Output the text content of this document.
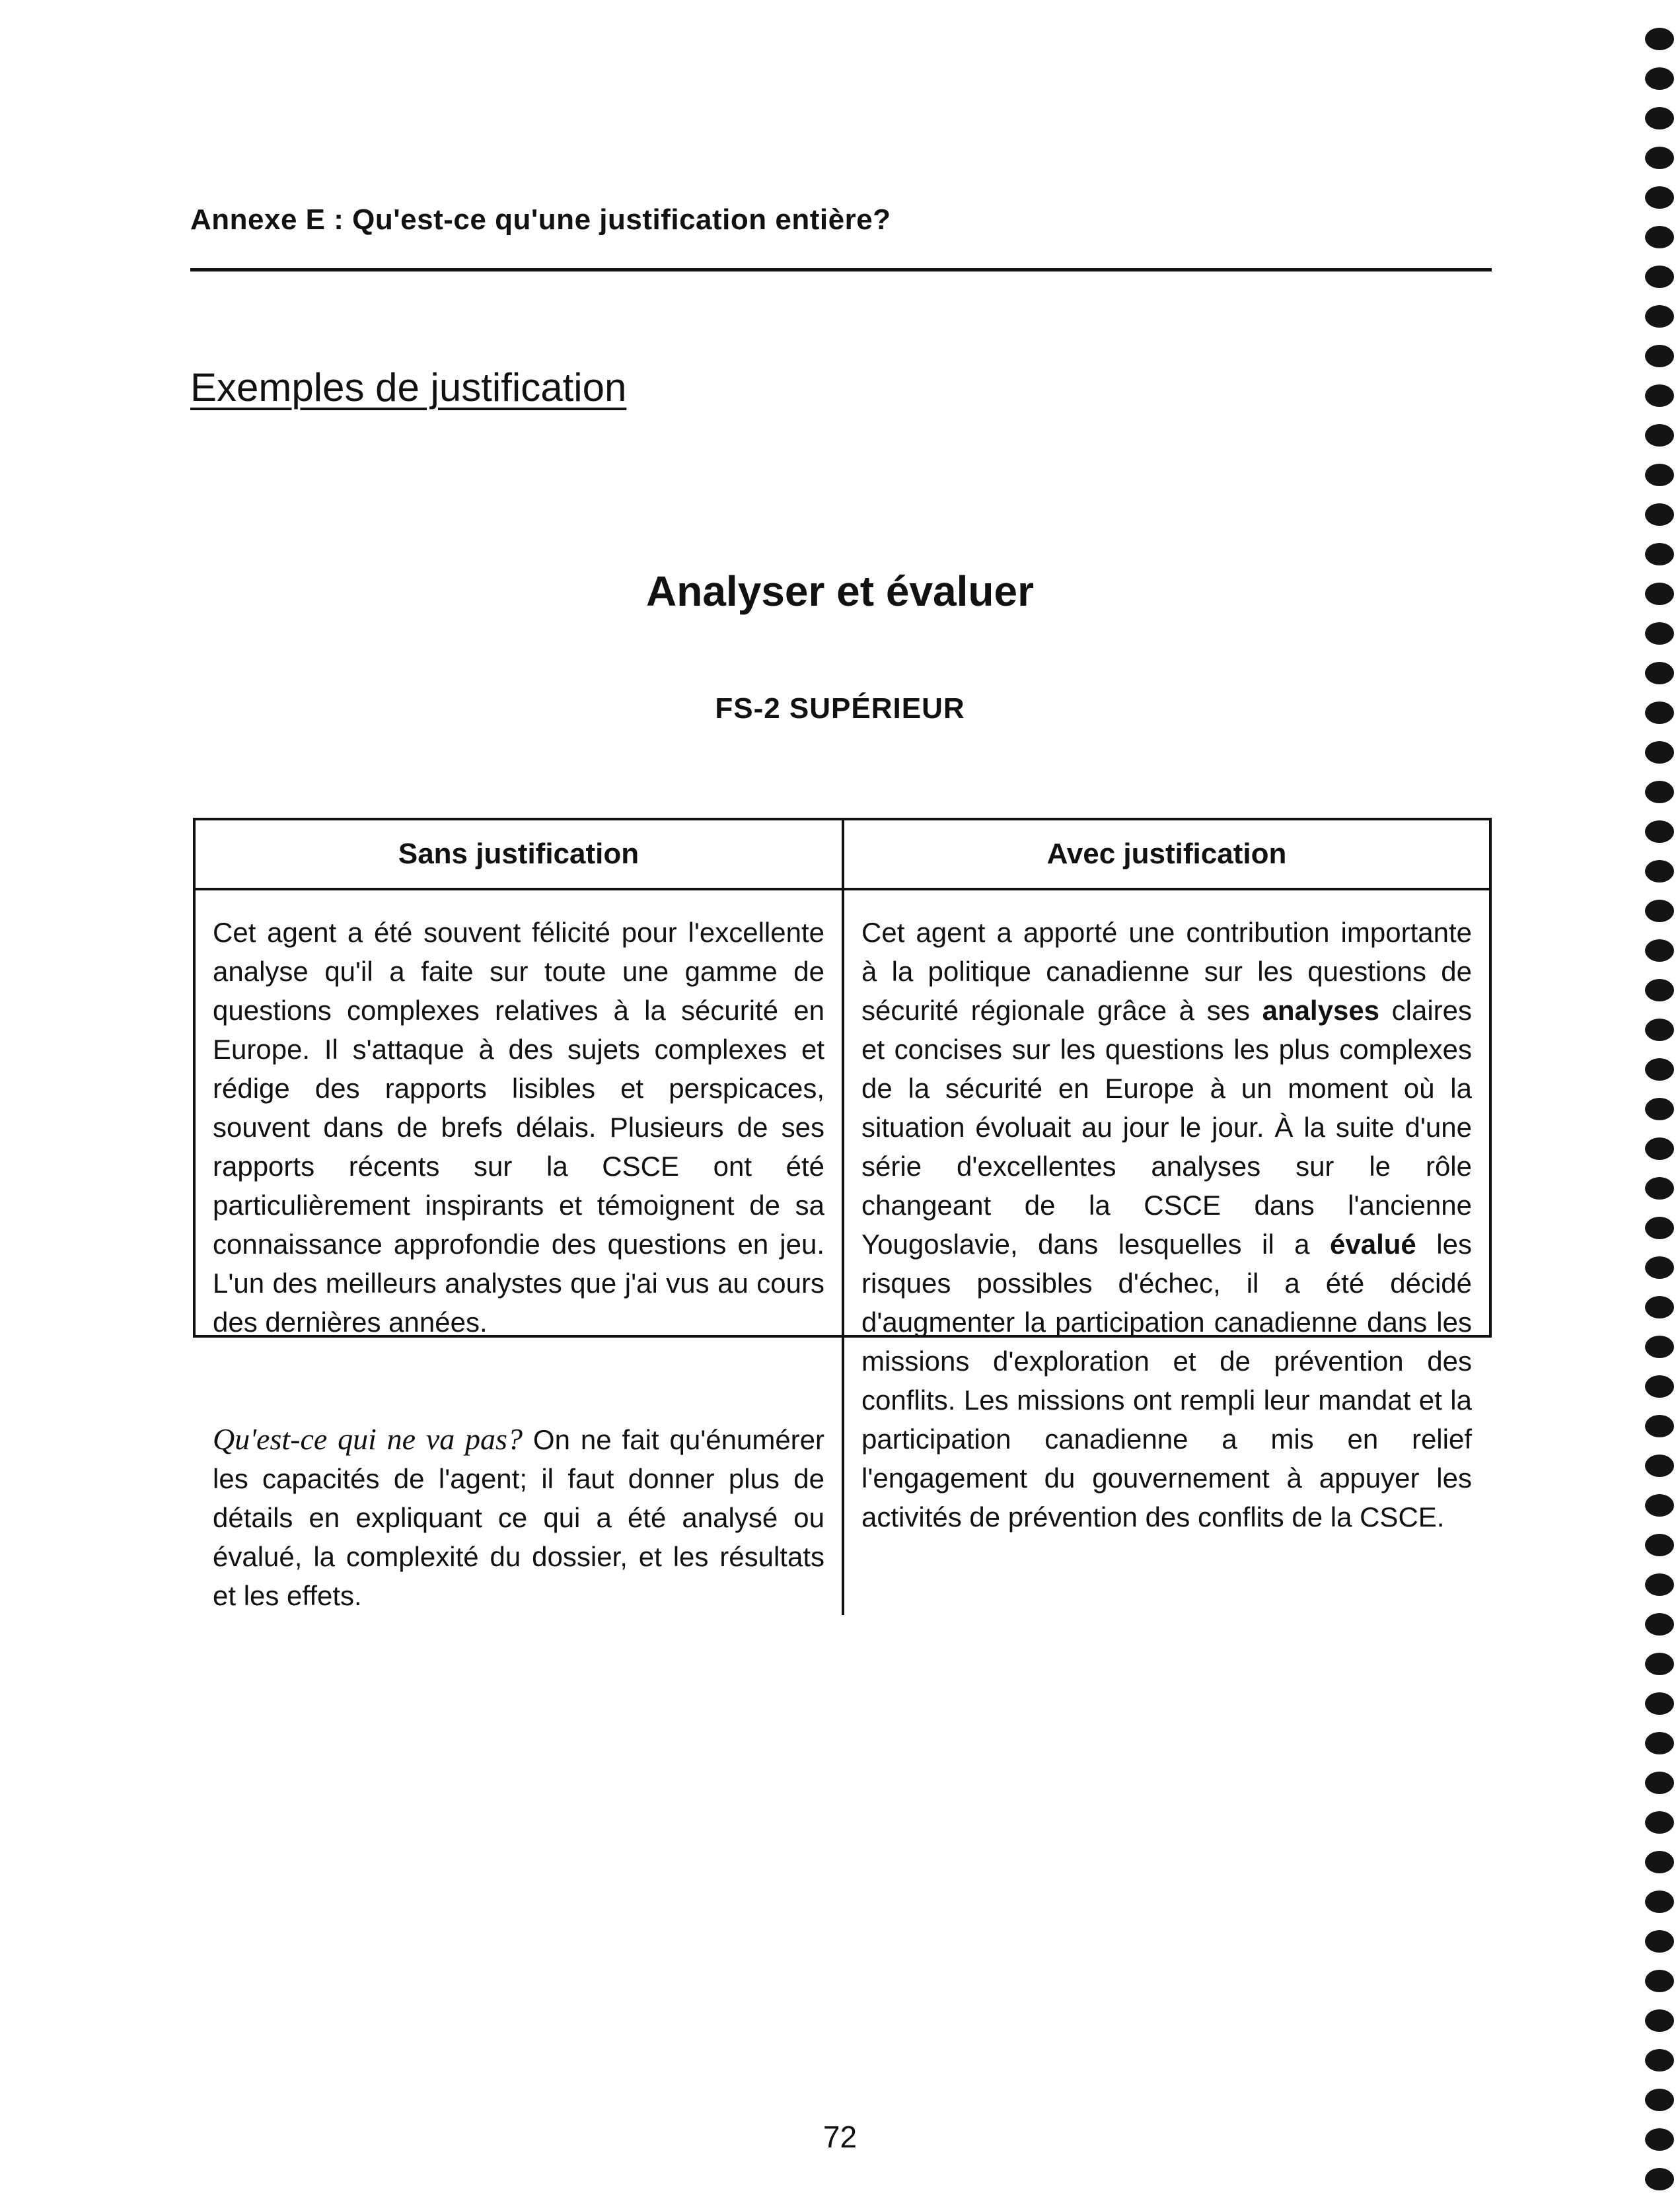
Annexe E : Qu'est-ce qu'une justification entière?
Exemples de justification
Analyser et évaluer
FS-2 SUPÉRIEUR
Sans justification	Avec justification

Cet agent a été souvent félicité pour l'excellente analyse qu'il a faite sur toute une gamme de questions complexes relatives à la sécurité en Europe. Il s'attaque à des sujets complexes et rédige des rapports lisibles et perspicaces, souvent dans de brefs délais. Plusieurs de ses rapports récents sur la CSCE ont été particulièrement inspirants et témoignent de sa connaissance approfondie des questions en jeu. L'un des meilleurs analystes que j'ai vus au cours des dernières années.

Qu'est-ce qui ne va pas? On ne fait qu'énumérer les capacités de l'agent; il faut donner plus de détails en expliquant ce qui a été analysé ou évalué, la complexité du dossier, et les résultats et les effets.

Cet agent a apporté une contribution importante à la politique canadienne sur les questions de sécurité régionale grâce à ses analyses claires et concises sur les questions les plus complexes de la sécurité en Europe à un moment où la situation évoluait au jour le jour. À la suite d'une série d'excellentes analyses sur le rôle changeant de la CSCE dans l'ancienne Yougoslavie, dans lesquelles il a évalué les risques possibles d'échec, il a été décidé d'augmenter la participation canadienne dans les missions d'exploration et de prévention des conflits. Les missions ont rempli leur mandat et la participation canadienne a mis en relief l'engagement du gouvernement à appuyer les activités de prévention des conflits de la CSCE.

72
